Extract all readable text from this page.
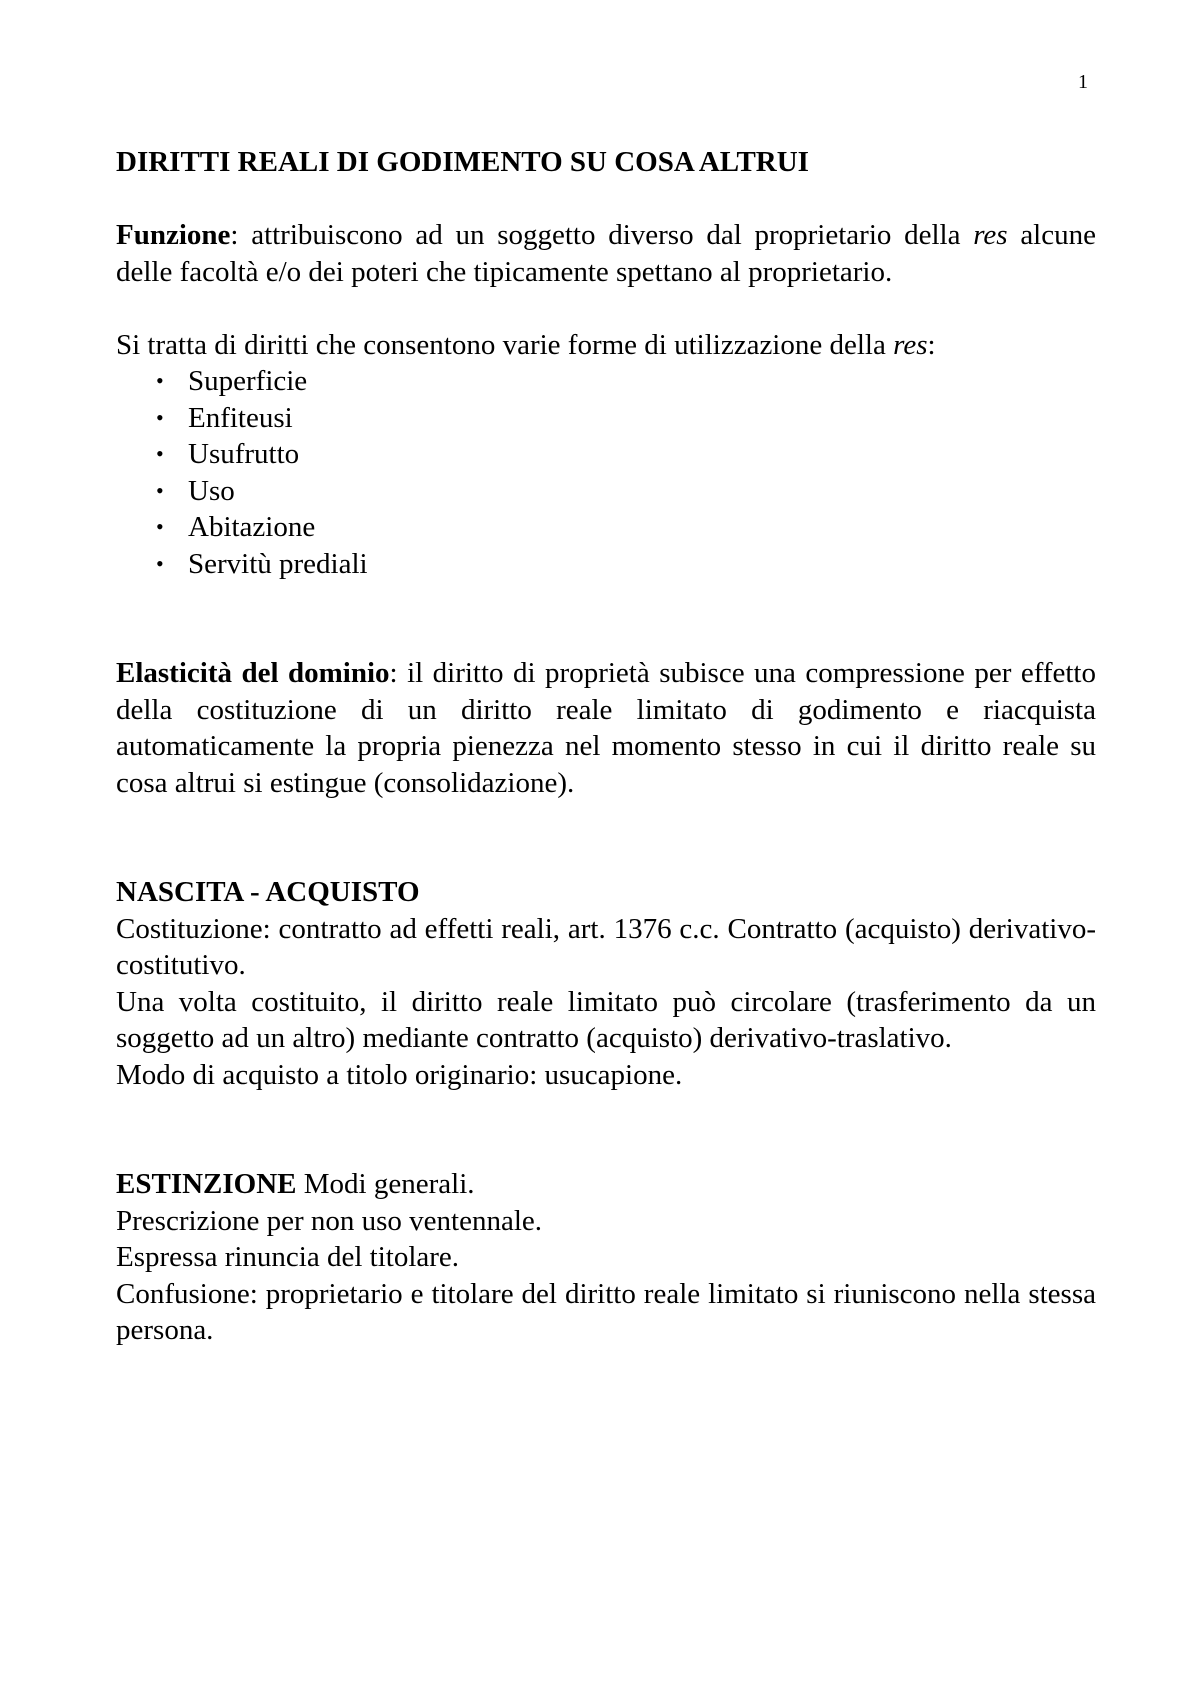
1
DIRITTI REALI DI GODIMENTO SU COSA ALTRUI

Funzione: attribuiscono ad un soggetto diverso dal proprietario della res alcune delle facoltà e/o dei poteri che tipicamente spettano al proprietario.

Si tratta di diritti che consentono varie forme di utilizzazione della res:

• Superficie
• Enfiteusi
• Usufrutto
• Uso
• Abitazione
• Servitù prediali

Elasticità del dominio: il diritto di proprietà subisce una compressione per effetto della costituzione di un diritto reale limitato di godimento e riacquista automaticamente la propria pienezza nel momento stesso in cui il diritto reale su cosa altrui si estingue (consolidazione).

NASCITA - ACQUISTO

Costituzione: contratto ad effetti reali, art. 1376 c.c. Contratto (acquisto) derivativo-costitutivo.

Una volta costituito, il diritto reale limitato può circolare (trasferimento da un soggetto ad un altro) mediante contratto (acquisto) derivativo-traslativo.

Modo di acquisto a titolo originario: usucapione.

ESTINZIONE Modi generali.

Prescrizione per non uso ventennale.

Espressa rinuncia del titolare.

Confusione: proprietario e titolare del diritto reale limitato si riuniscono nella stessa persona.
